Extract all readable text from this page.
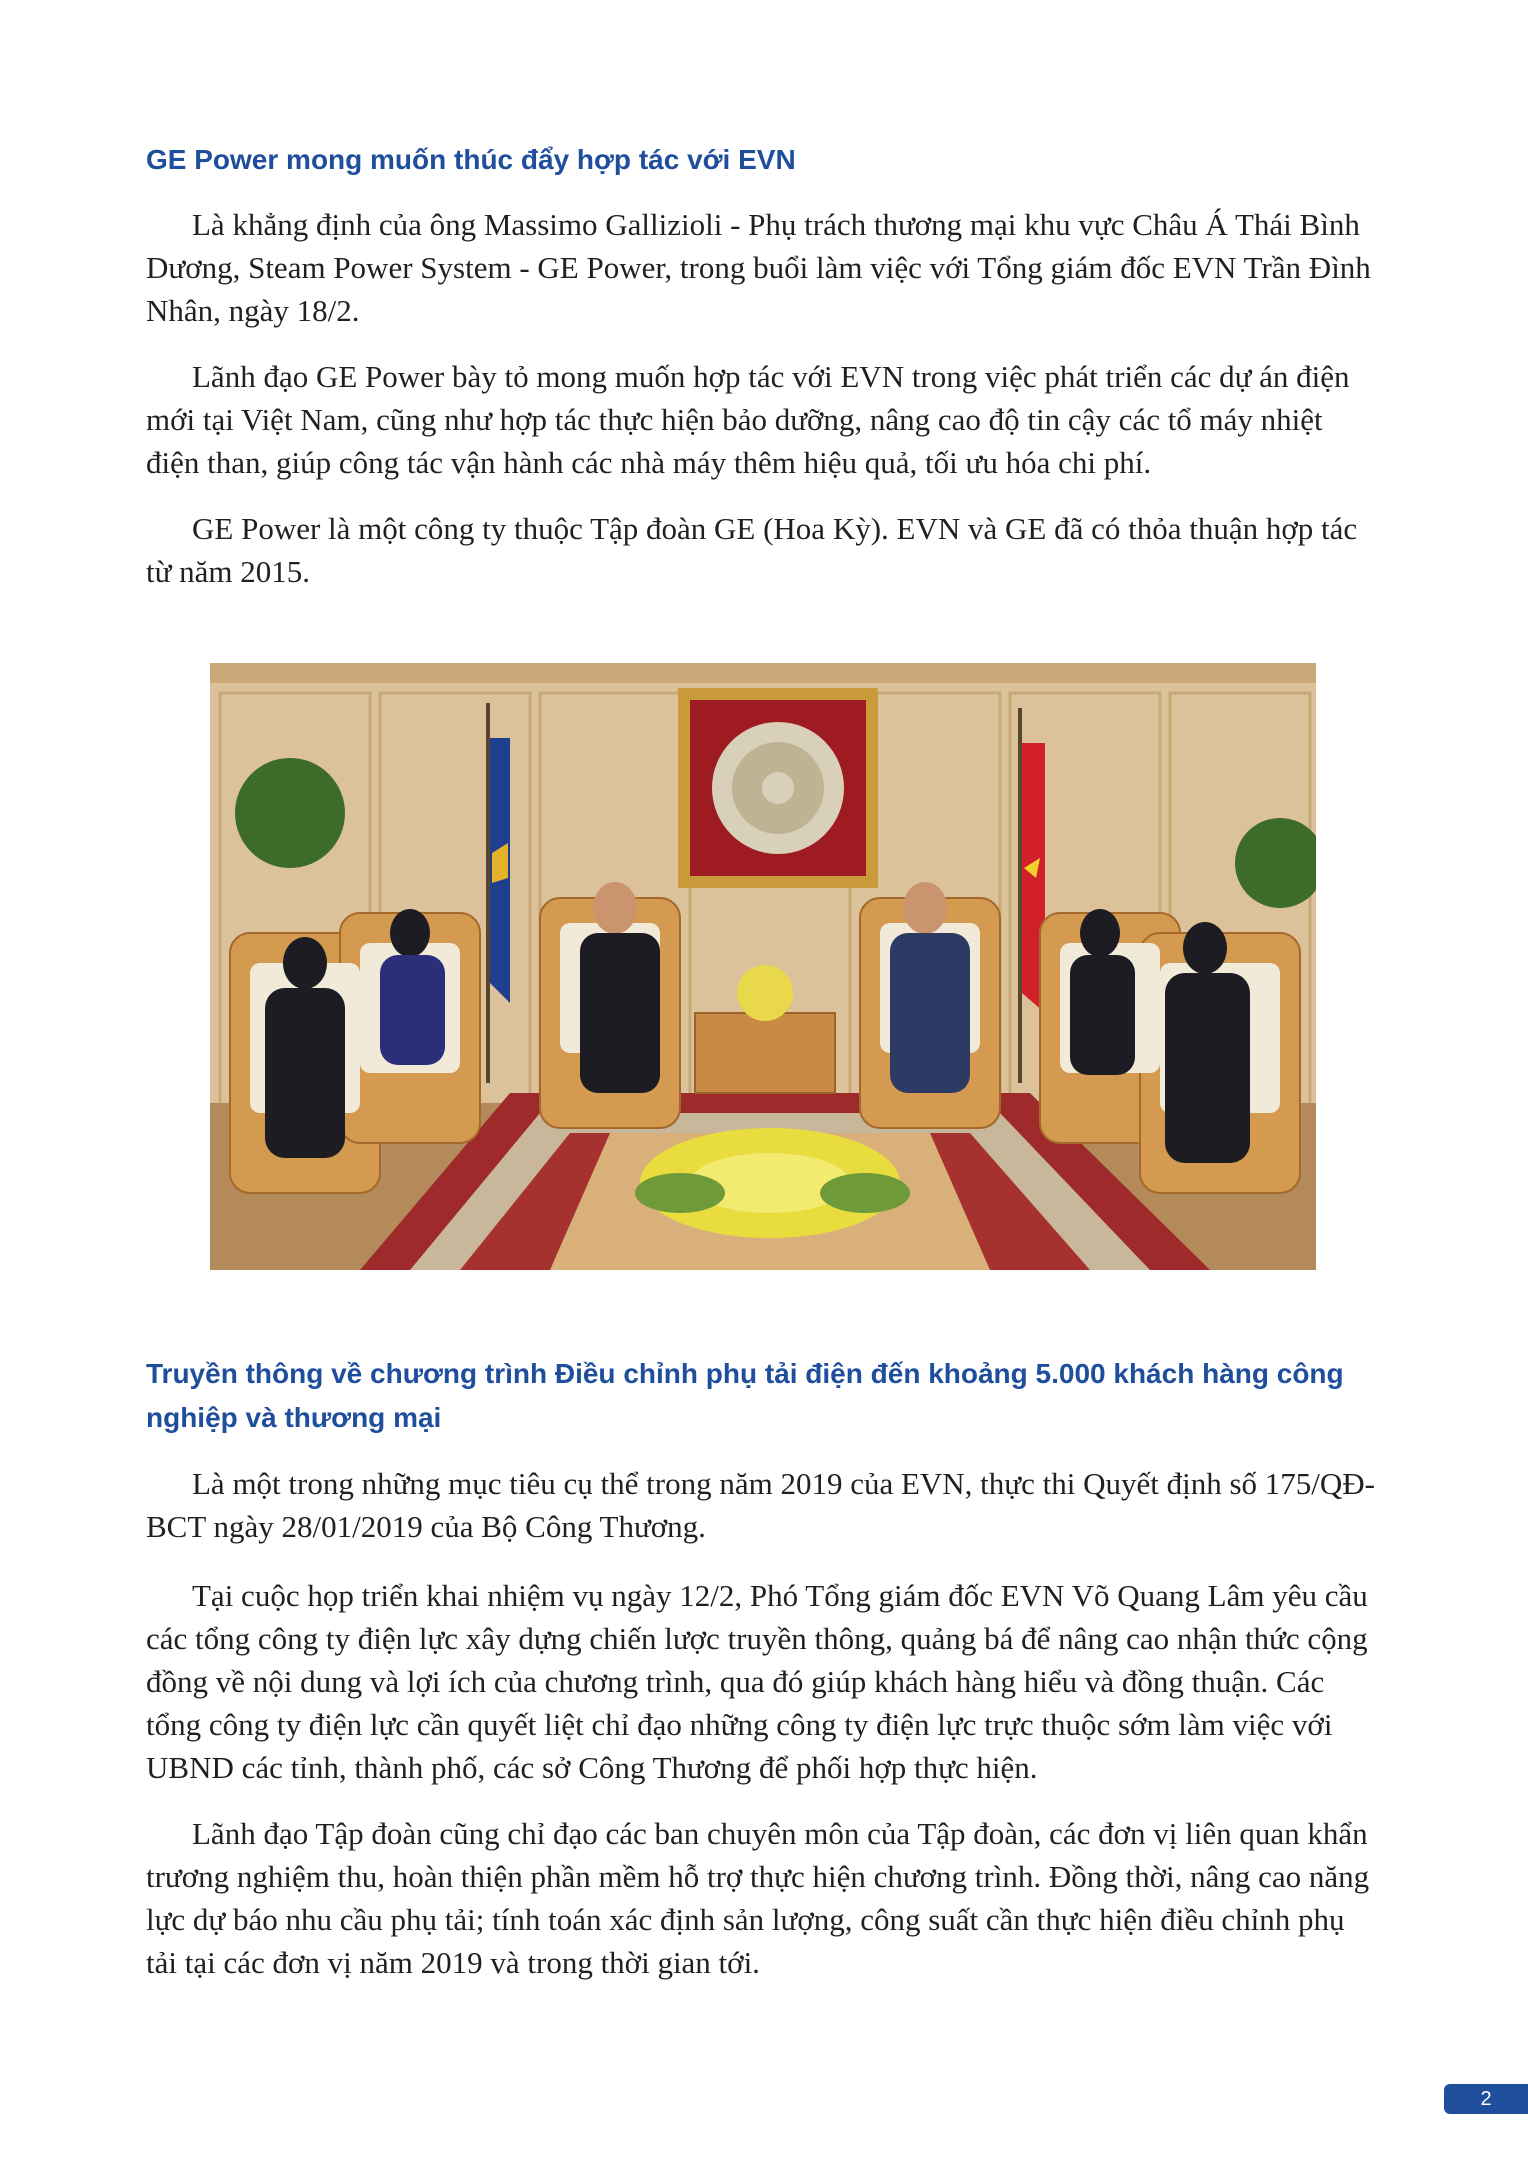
GE Power mong muốn thúc đẩy hợp tác với EVN

Là khẳng định của ông Massimo Gallizioli - Phụ trách thương mại khu vực Châu Á Thái Bình Dương, Steam Power System - GE Power, trong buổi làm việc với Tổng giám đốc EVN Trần Đình Nhân, ngày 18/2.

Lãnh đạo GE Power bày tỏ mong muốn hợp tác với EVN trong việc phát triển các dự án điện mới tại Việt Nam, cũng như hợp tác thực hiện bảo dưỡng, nâng cao độ tin cậy các tổ máy nhiệt điện than, giúp công tác vận hành các nhà máy thêm hiệu quả, tối ưu hóa chi phí.

GE Power là một công ty thuộc Tập đoàn GE (Hoa Kỳ). EVN và GE đã có thỏa thuận hợp tác từ năm 2015.

Truyền thông về chương trình Điều chỉnh phụ tải điện đến khoảng 5.000 khách hàng công nghiệp và thương mại

Là một trong những mục tiêu cụ thể trong năm 2019 của EVN, thực thi Quyết định số 175/QĐ-BCT ngày 28/01/2019 của Bộ Công Thương.

Tại cuộc họp triển khai nhiệm vụ ngày 12/2, Phó Tổng giám đốc EVN Võ Quang Lâm yêu cầu các tổng công ty điện lực xây dựng chiến lược truyền thông, quảng bá để nâng cao nhận thức cộng đồng về nội dung và lợi ích của chương trình, qua đó giúp khách hàng hiểu và đồng thuận. Các tổng công ty điện lực cần quyết liệt chỉ đạo những công ty điện lực trực thuộc sớm làm việc với UBND các tỉnh, thành phố, các sở Công Thương để phối hợp thực hiện.

Lãnh đạo Tập đoàn cũng chỉ đạo các ban chuyên môn của Tập đoàn, các đơn vị liên quan khẩn trương nghiệm thu, hoàn thiện phần mềm hỗ trợ thực hiện chương trình. Đồng thời, nâng cao năng lực dự báo nhu cầu phụ tải; tính toán xác định sản lượng, công suất cần thực hiện điều chỉnh phụ tải tại các đơn vị năm 2019 và trong thời gian tới.

2
